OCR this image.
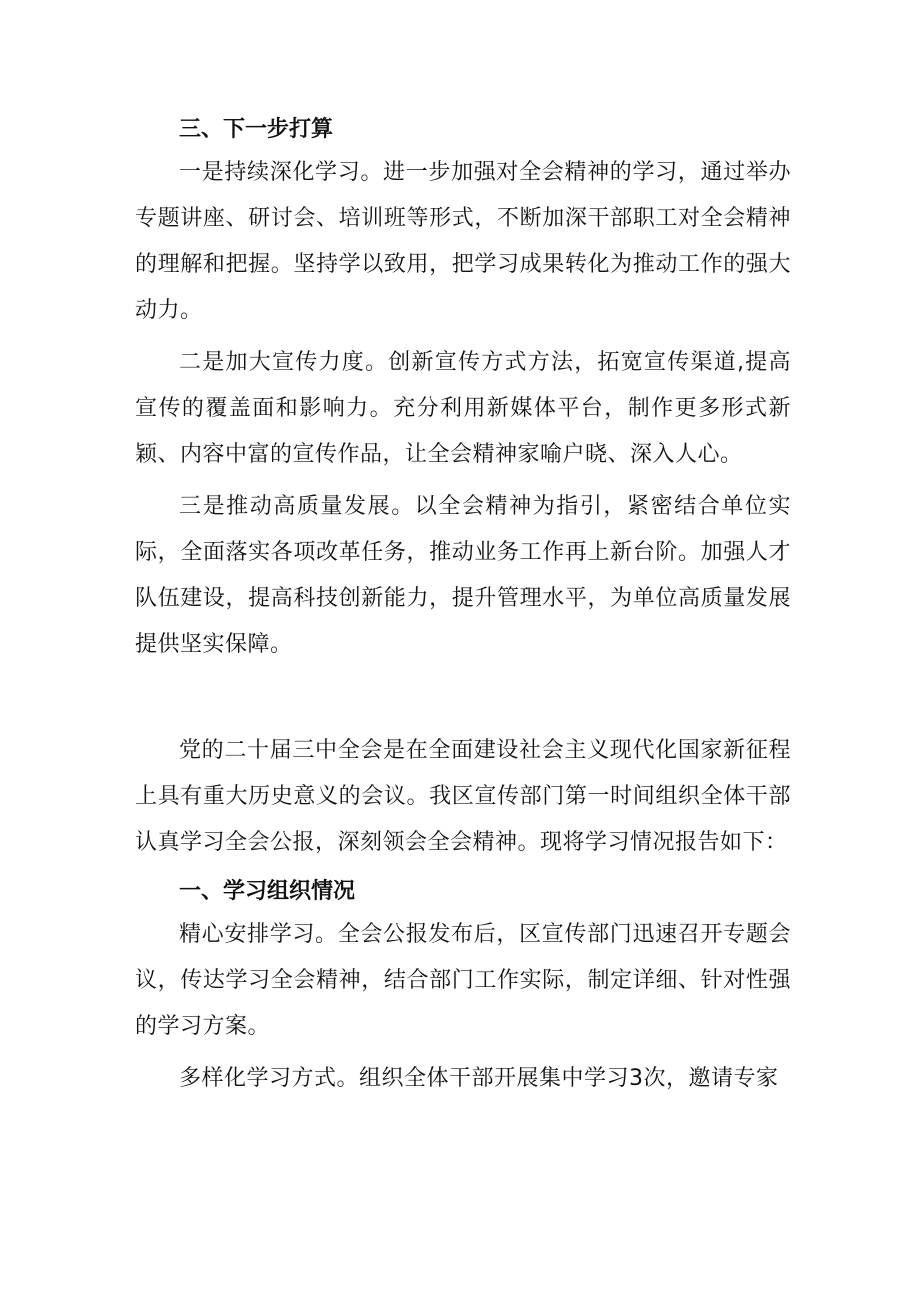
三、下一步打算

一是持续深化学习。进一步加强对全会精神的学习，通过举办专题讲座、研讨会、培训班等形式，不断加深干部职工对全会精神的理解和把握。坚持学以致用，把学习成果转化为推动工作的强大动力。

二是加大宣传力度。创新宣传方式方法，拓宽宣传渠道,提高宣传的覆盖面和影响力。充分利用新媒体平台，制作更多形式新颖、内容中富的宣传作品，让全会精神家喻户晓、深入人心。

三是推动高质量发展。以全会精神为指引，紧密结合单位实际，全面落实各项改革任务，推动业务工作再上新台阶。加强人才队伍建设，提高科技创新能力，提升管理水平，为单位高质量发展提供坚实保障。

党的二十届三中全会是在全面建设社会主义现代化国家新征程上具有重大历史意义的会议。我区宣传部门第一时间组织全体干部认真学习全会公报，深刻领会全会精神。现将学习情况报告如下：

一、学习组织情况

精心安排学习。全会公报发布后，区宣传部门迅速召开专题会议，传达学习全会精神，结合部门工作实际，制定详细、针对性强的学习方案。

多样化学习方式。组织全体干部开展集中学习3次，邀请专家
